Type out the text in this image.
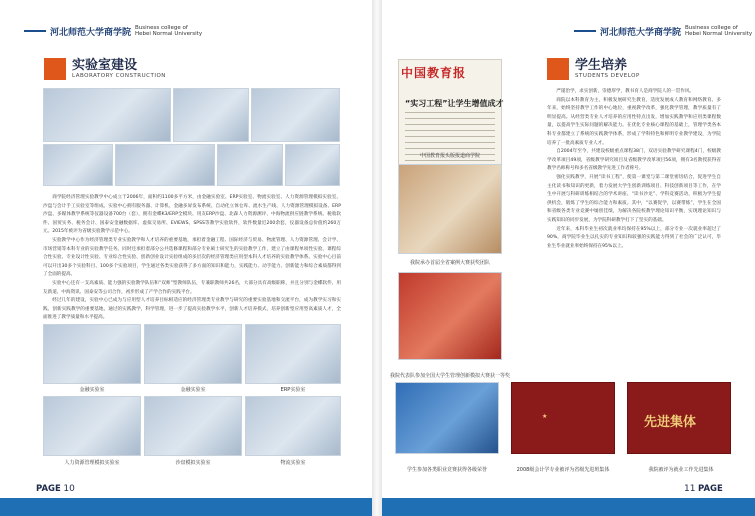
河北师范大学商学院 Business college of
Hebei Normal University
实验室建设
LABORATORY CONSTRUCTION

商学院经济管理实验教学中心成立于2006年，面积约1100多平方米，由金融实验室、ERP实验室、物流实验室、人力资源管理模拟实验室、沙盘与会计手工实验室等组成。实验中心拥有服务器、计算机、金融多屏发布系统、自动化立体仓库、流水生产线、人力资源管理模拟设备、ERP沙盘、多媒体教学系统等仪器设备700台（套），拥有金蝶K3/ERP全模块、用友ERP沙盘、北森人力资源测评、中海物流供应链教学系统、税收软件、国贸实务、税务会计、国泰安金融数据库、虚拟交易所、EVIEWS、SPSS等教学实验软件，软件数量近200余套，仪器设备总价值约260万元。2015年被评为省级实验教学示范中心。

实验教学中心作为经济管理类专业实验教学和人才培养的重要基地，承担着金融工程、国际经济与贸易、物流管理、人力资源管理、会计学、市场营销等本科专业的实验教学任务。同时还承担着部分公共选修课程和部分专业硕士研究生的实验教学工作，建立了由课程单项性实验、课程综合性实验、专业设计性实验、专业综合性实验、创新创业设计实验组成的多层次的经济管理类应用型本科人才培养的实验教学体系。实验中心目前可以开出30多个实验科目、100多个实验项目，学生通过各类实验获得了多方面的知识和能力，实践能力、动手能力、创新能力和综合素质都得到了全面的提高。

实验中心还有一支高素质、能力强的实验教学队伍和“双师”型教师队伍，专兼职教师共26名，大部分具有高级职称，并且分别与金蝶软件、用友新道、中海资讯、国泰安等公司合作，初步形成了产学合作的实践平台。

经过几年的建设，实验中心已成为与应用型人才培养目标相适应的经济管理类专业教学与研究的重要实验基地和交流平台，成为教学实习和实践、创新实践教学的重要基地，通过的实践教学，科学管理，进一步了提高实验教学水平，创新人才培养模式，培养创新型应用型高素质人才，全面推进了教学质量和水平提高。

金融实验室	金融实验室	ERP实验室
人力资源管理模拟实验室	沙盘模拟实验室	物流实验室
PAGE 10
河北师范大学商学院 Business college of
Hebei Normal University
中国教育报
“实习工程”让学生增值成才
中国教育报头版报道商学院
我院承办首届全省案例大赛获奖团队
我院代表队参加全国大学生管理创新模拟大赛获一等奖
学生培养
STUDENTS DEVELOP

严谨治学，求实创新，崇德厚学，教书育人是商学院人的一贯作风。

商院以本科教育为主，积极发展研究生教育，适度发展成人教育和网络教育。多年来，始终坚持教学工作的中心地位，重视教学改革，强化教学管理，教学质量有了明显提高。从经营类专业人才培养的应用性特点出发，增加实践教学和应用类课程数量，以提高学生实际问题的解决能力。在优化专业核心课程的基础上，管理学类各本科专业都建立了系统的实践教学体系，形成了学科特色和鲜明专业教学建设，为学院培养了一批高素质专业人才。

自2004年至今，共建设校级重点课程38门，双语实验教学研究课程4门，校级教学改革项目49项，省级教学研究项目及省级教学改革项目56项，拥有3名教授获得省教学名师称号和多名省级教学先进工作者称号。

强化实践教学，开展“读书工程”，使第一课堂与第二课堂密切结合，促进学生自主化读书和知识的更新，着力发展大学生创新训练项目、科技创新项目等工作，在学生中开展与科研训练相结合的学术讲座、“读书沙龙”、学科竞赛活动，积极为学生提供机会，锻炼了学生的综合能力和素质。其中，“以赛促学，以赛带练”，学生在全国和省级各类专业竞赛中屡创佳绩，为解决各院校教学理论知识平衡，实现理论知识与实践知识的同步发展，为学院科研教学打下了坚实的基础。

近年来，本科毕业生初次就业率均保持在95%以上，部分专业一次就业率超过了90%，商学院毕业生以扎实的专业知识和较强的实践能力得到了社会的广泛认可，毕业生毕业就业率始终保持在95%以上。

★	先进集体
学生参加各类职业竞赛获得各级荣誉	2008级会计学专业被评为省级先进班集体	我院被评为就业工作先进集体
11 PAGE
